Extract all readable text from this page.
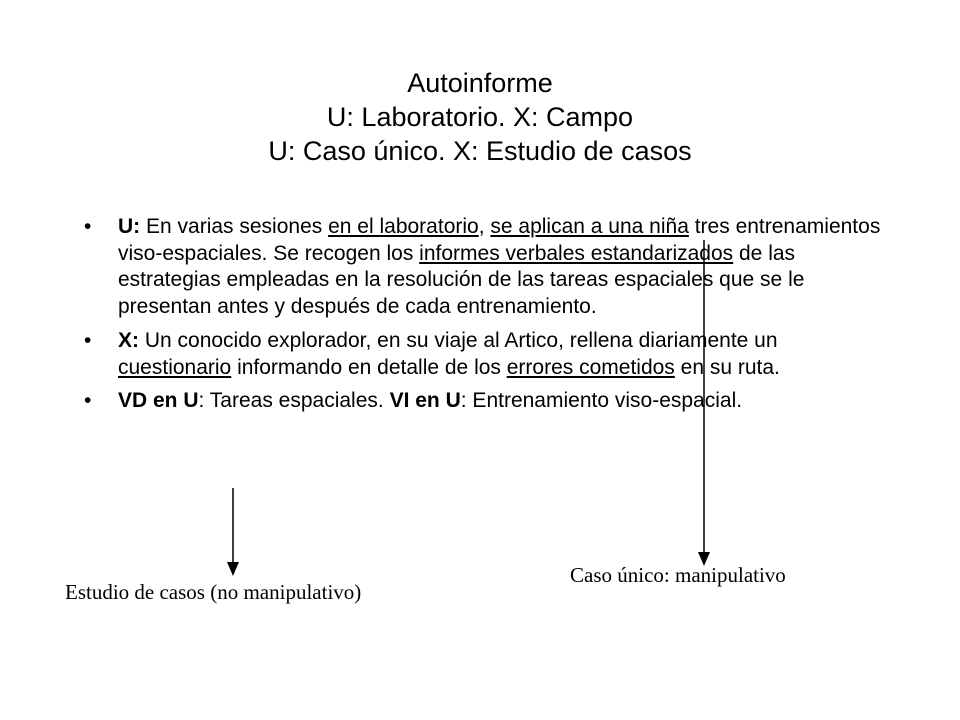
Autoinforme
U: Laboratorio. X: Campo
U: Caso único. X: Estudio de casos
• U: En varias sesiones en el laboratorio, se aplican a una niña tres entrenamientos viso-espaciales. Se recogen los informes verbales estandarizados de las estrategias empleadas en la resolución de las tareas espaciales que se le presentan antes y después de cada entrenamiento.
• X: Un conocido explorador, en su viaje al Artico, rellena diariamente un cuestionario informando en detalle de los errores cometidos en su ruta.
• VD en U: Tareas espaciales. VI en U: Entrenamiento viso-espacial.
Estudio de casos (no manipulativo)
Caso único: manipulativo
